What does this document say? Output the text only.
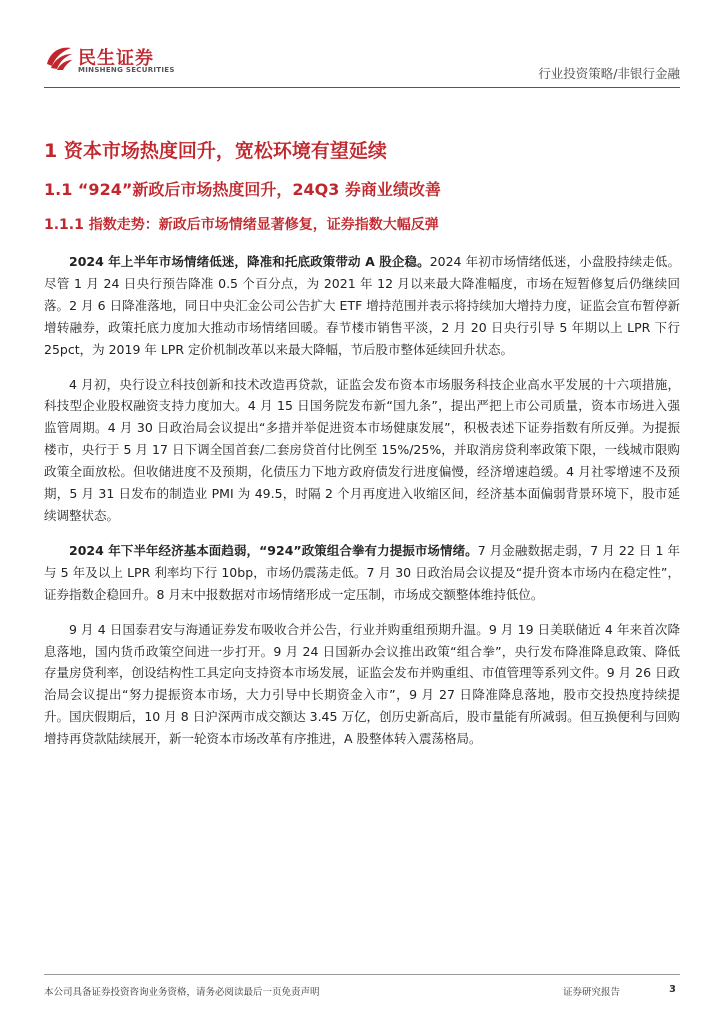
民生证券
MINSHENG SECURITIES	行业投资策略/非银行金融
1 资本市场热度回升，宽松环境有望延续
1.1 “924”新政后市场热度回升，24Q3 券商业绩改善
1.1.1 指数走势：新政后市场情绪显著修复，证券指数大幅反弹

2024 年上半年市场情绪低迷，降准和托底政策带动 A 股企稳。2024 年初市场情绪低迷，小盘股持续走低。尽管 1 月 24 日央行预告降准 0.5 个百分点，为 2021 年 12 月以来最大降准幅度，市场在短暂修复后仍继续回落。2 月 6 日降准落地，同日中央汇金公司公告扩大 ETF 增持范围并表示将持续加大增持力度，证监会宣布暂停新增转融券，政策托底力度加大推动市场情绪回暖。春节楼市销售平淡，2 月 20 日央行引导 5 年期以上 LPR 下行 25pct，为 2019 年 LPR 定价机制改革以来最大降幅，节后股市整体延续回升状态。

4 月初，央行设立科技创新和技术改造再贷款，证监会发布资本市场服务科技企业高水平发展的十六项措施，科技型企业股权融资支持力度加大。4 月 15 日国务院发布新“国九条”，提出严把上市公司质量，资本市场进入强监管周期。4 月 30 日政治局会议提出“多措并举促进资本市场健康发展”，积极表述下证券指数有所反弹。为提振楼市，央行于 5 月 17 日下调全国首套/二套房贷首付比例至 15%/25%，并取消房贷利率政策下限，一线城市限购政策全面放松。但收储进度不及预期，化债压力下地方政府债发行进度偏慢，经济增速趋缓。4 月社零增速不及预期，5 月 31 日发布的制造业 PMI 为 49.5，时隔 2 个月再度进入收缩区间，经济基本面偏弱背景环境下，股市延续调整状态。

2024 年下半年经济基本面趋弱，“924”政策组合拳有力提振市场情绪。7 月金融数据走弱，7 月 22 日 1 年与 5 年及以上 LPR 利率均下行 10bp，市场仍震荡走低。7 月 30 日政治局会议提及“提升资本市场内在稳定性”，证券指数企稳回升。8 月末中报数据对市场情绪形成一定压制，市场成交额整体维持低位。

9 月 4 日国泰君安与海通证券发布吸收合并公告，行业并购重组预期升温。9 月 19 日美联储近 4 年来首次降息落地，国内货币政策空间进一步打开。9 月 24 日国新办会议推出政策“组合拳”，央行发布降准降息政策、降低存量房贷利率，创设结构性工具定向支持资本市场发展，证监会发布并购重组、市值管理等系列文件。9 月 26 日政治局会议提出“努力提振资本市场，大力引导中长期资金入市”，9 月 27 日降准降息落地，股市交投热度持续提升。国庆假期后，10 月 8 日沪深两市成交额达 3.45 万亿，创历史新高后，股市量能有所减弱。但互换便利与回购增持再贷款陆续展开，新一轮资本市场改革有序推进，A 股整体转入震荡格局。

本公司具备证券投资咨询业务资格，请务必阅读最后一页免责声明	证券研究报告	3
